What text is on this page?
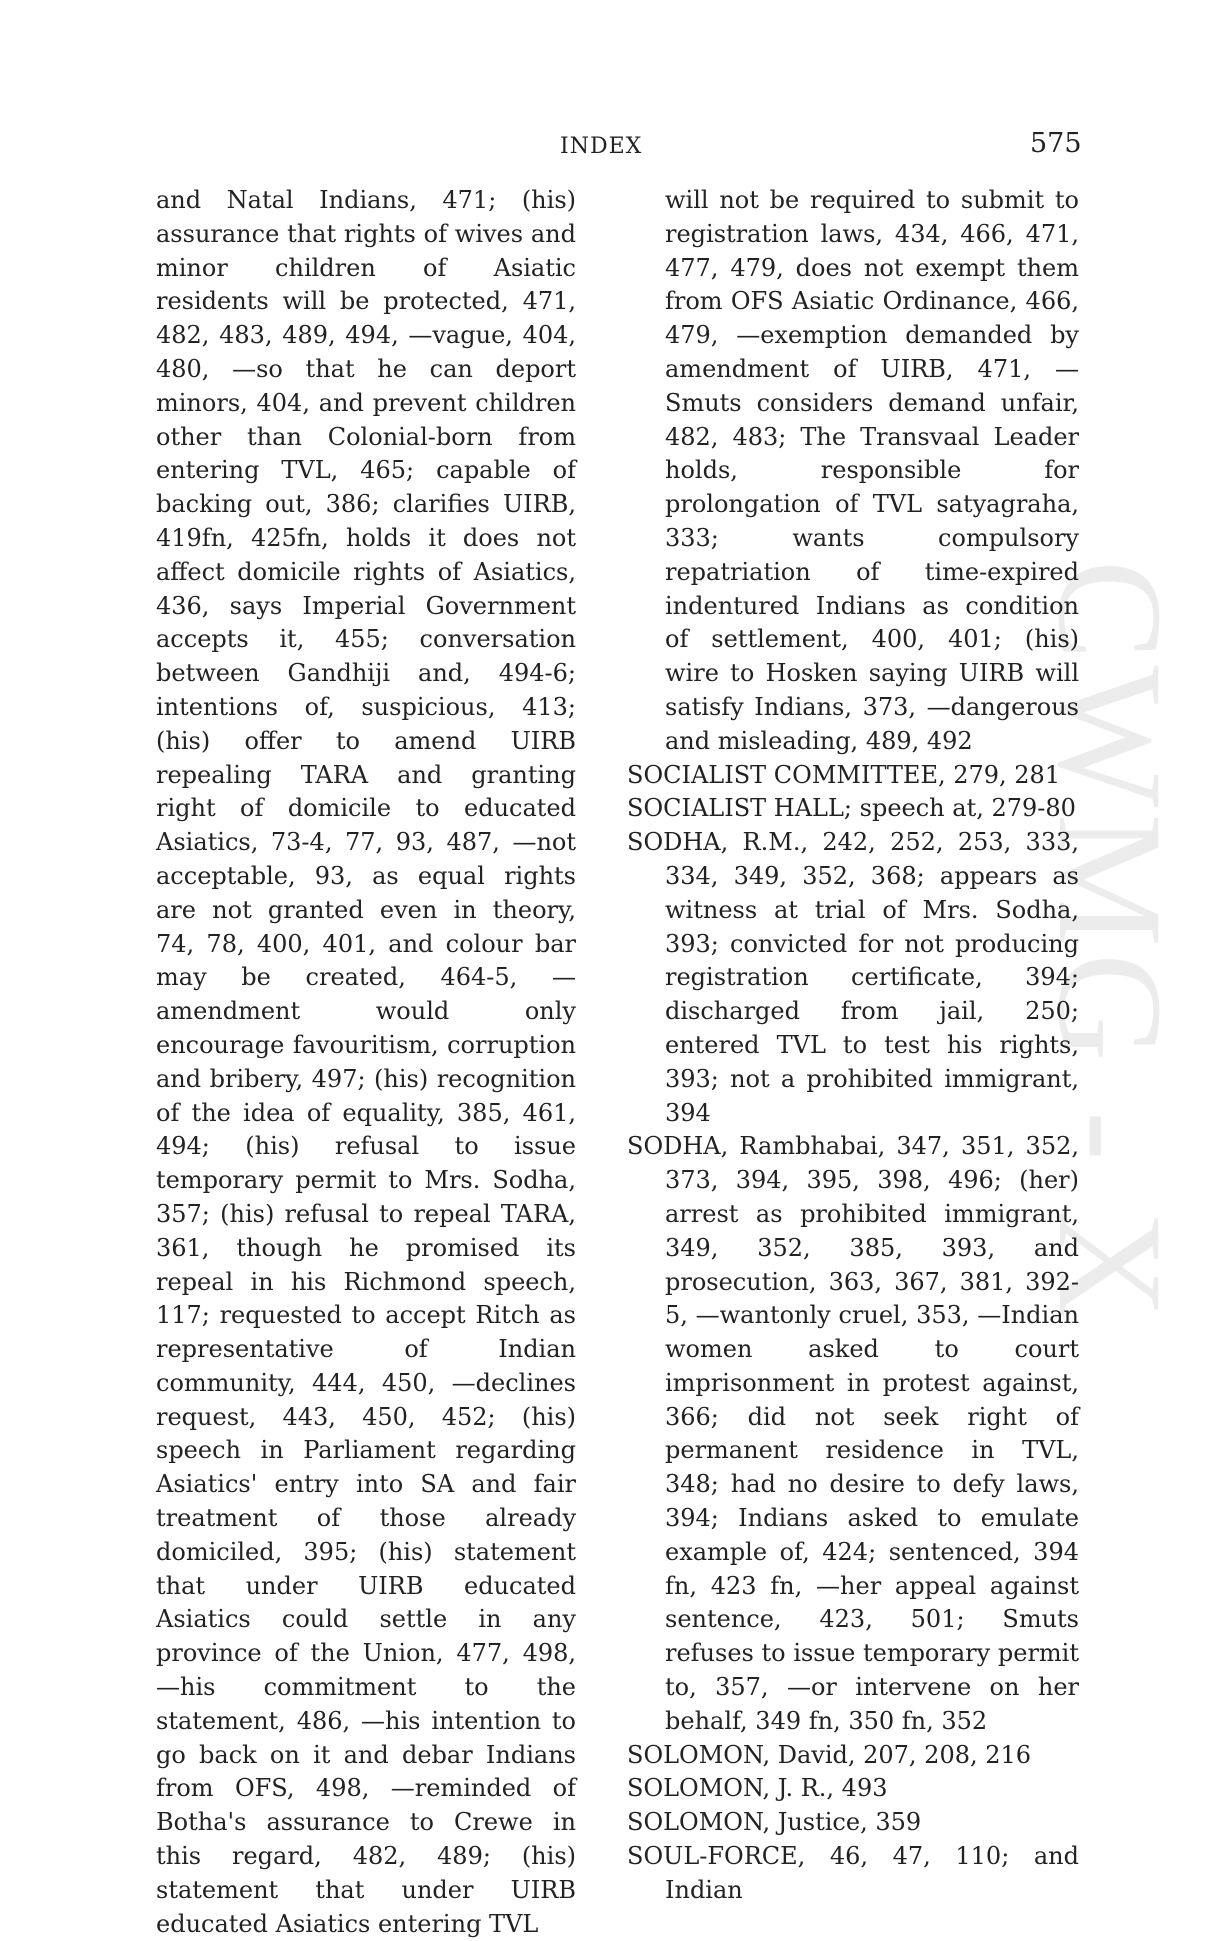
INDEX	575
CWMG - X
and Natal Indians, 471; (his) assurance that rights of wives and minor children of Asiatic residents will be protected, 471, 482, 483, 489, 494, —vague, 404, 480, —so that he can deport minors, 404, and prevent children other than Colonial-born from entering TVL, 465; capable of backing out, 386; clarifies UIRB, 419fn, 425fn, holds it does not affect domicile rights of Asiatics, 436, says Imperial Government accepts it, 455; conversation between Gandhiji and, 494-6; intentions of, suspicious, 413; (his) offer to amend UIRB repealing TARA and granting right of domicile to educated Asiatics, 73-4, 77, 93, 487, —not acceptable, 93, as equal rights are not granted even in theory, 74, 78, 400, 401, and colour bar may be created, 464-5, —amendment would only encourage favouritism, corruption and bribery, 497; (his) recognition of the idea of equality, 385, 461, 494; (his) refusal to issue temporary permit to Mrs. Sodha, 357; (his) refusal to repeal TARA, 361, though he promised its repeal in his Richmond speech, 117; requested to accept Ritch as representative of Indian community, 444, 450, —declines request, 443, 450, 452; (his) speech in Parliament regarding Asiatics' entry into SA and fair treatment of those already domiciled, 395; (his) statement that under UIRB educated Asiatics could settle in any province of the Union, 477, 498, —his commitment to the statement, 486, —his intention to go back on it and debar Indians from OFS, 498, —reminded of Botha's assurance to Crewe in this regard, 482, 489; (his) statement that under UIRB educated Asiatics entering TVL
will not be required to submit to registration laws, 434, 466, 471, 477, 479, does not exempt them from OFS Asiatic Ordinance, 466, 479, —exemption demanded by amendment of UIRB, 471, —Smuts considers demand unfair, 482, 483; The Transvaal Leader holds, responsible for prolongation of TVL satyagraha, 333; wants compulsory repatriation of time-expired indentured Indians as condition of settlement, 400, 401; (his) wire to Hosken saying UIRB will satisfy Indians, 373, —dangerous and misleading, 489, 492
SOCIALIST COMMITTEE, 279, 281
SOCIALIST HALL; speech at, 279-80
SODHA, R.M., 242, 252, 253, 333, 334, 349, 352, 368; appears as witness at trial of Mrs. Sodha, 393; convicted for not producing registration certificate, 394; discharged from jail, 250; entered TVL to test his rights, 393; not a prohibited immigrant, 394
SODHA, Rambhabai, 347, 351, 352, 373, 394, 395, 398, 496; (her) arrest as prohibited immigrant, 349, 352, 385, 393, and prosecution, 363, 367, 381, 392-5, —wantonly cruel, 353, —Indian women asked to court imprisonment in protest against, 366; did not seek right of permanent residence in TVL, 348; had no desire to defy laws, 394; Indians asked to emulate example of, 424; sentenced, 394 fn, 423 fn, —her appeal against sentence, 423, 501; Smuts refuses to issue temporary permit to, 357, —or intervene on her behalf, 349 fn, 350 fn, 352
SOLOMON, David, 207, 208, 216
SOLOMON, J. R., 493
SOLOMON, Justice, 359
SOUL-FORCE, 46, 47, 110; and Indian
